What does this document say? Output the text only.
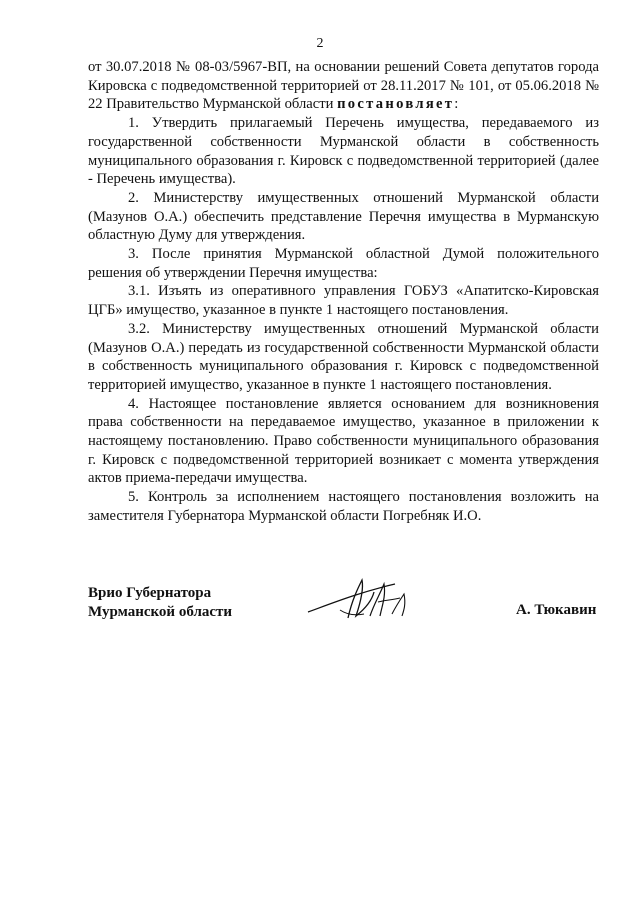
2

от 30.07.2018 № 08-03/5967-ВП, на основании решений Совета депутатов города Кировска с подведомственной территорией от 28.11.2017 № 101, от 05.06.2018 № 22 Правительство Мурманской области постановляет:

1. Утвердить прилагаемый Перечень имущества, передаваемого из государственной собственности Мурманской области в собственность муниципального образования г. Кировск с подведомственной территорией (далее - Перечень имущества).

2. Министерству имущественных отношений Мурманской области (Мазунов О.А.) обеспечить представление Перечня имущества в Мурманскую областную Думу для утверждения.

3. После принятия Мурманской областной Думой положительного решения об утверждении Перечня имущества:

3.1. Изъять из оперативного управления ГОБУЗ «Апатитско-Кировская ЦГБ» имущество, указанное в пункте 1 настоящего постановления.

3.2. Министерству имущественных отношений Мурманской области (Мазунов О.А.) передать из государственной собственности Мурманской области в собственность муниципального образования г. Кировск с подведомственной территорией имущество, указанное в пункте 1 настоящего постановления.

4. Настоящее постановление является основанием для возникновения права собственности на передаваемое имущество, указанное в приложении к настоящему постановлению. Право собственности муниципального образования г. Кировск с подведомственной территорией возникает с момента утверждения актов приема-передачи имущества.

5. Контроль за исполнением настоящего постановления возложить на заместителя Губернатора Мурманской области Погребняк И.О.

Врио Губернатора
Мурманской области	А. Тюкавин
